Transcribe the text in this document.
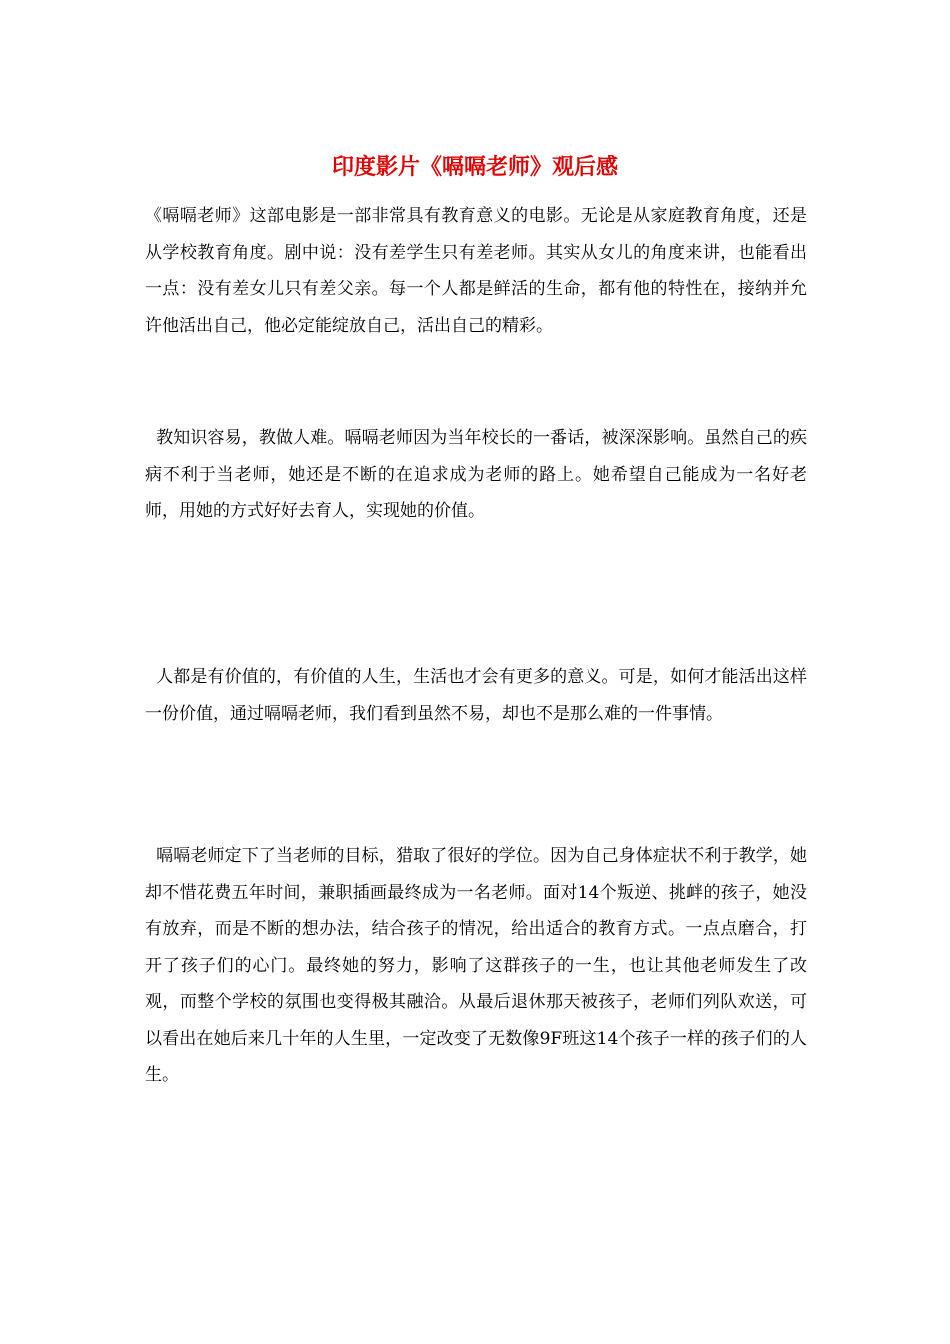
印度影片《嗝嗝老师》观后感

《嗝嗝老师》这部电影是一部非常具有教育意义的电影。无论是从家庭教育角度，还是从学校教育角度。剧中说：没有差学生只有差老师。其实从女儿的角度来讲，也能看出一点：没有差女儿只有差父亲。每一个人都是鲜活的生命，都有他的特性在，接纳并允许他活出自己，他必定能绽放自己，活出自己的精彩。

教知识容易，教做人难。嗝嗝老师因为当年校长的一番话，被深深影响。虽然自己的疾病不利于当老师，她还是不断的在追求成为老师的路上。她希望自己能成为一名好老师，用她的方式好好去育人，实现她的价值。

人都是有价值的，有价值的人生，生活也才会有更多的意义。可是，如何才能活出这样一份价值，通过嗝嗝老师，我们看到虽然不易，却也不是那么难的一件事情。

嗝嗝老师定下了当老师的目标，猎取了很好的学位。因为自己身体症状不利于教学，她却不惜花费五年时间，兼职插画最终成为一名老师。面对14个叛逆、挑衅的孩子，她没有放弃，而是不断的想办法，结合孩子的情况，给出适合的教育方式。一点点磨合，打开了孩子们的心门。最终她的努力，影响了这群孩子的一生，也让其他老师发生了改观，而整个学校的氛围也变得极其融洽。从最后退休那天被孩子，老师们列队欢送，可以看出在她后来几十年的人生里，一定改变了无数像9F班这14个孩子一样的孩子们的人生。
